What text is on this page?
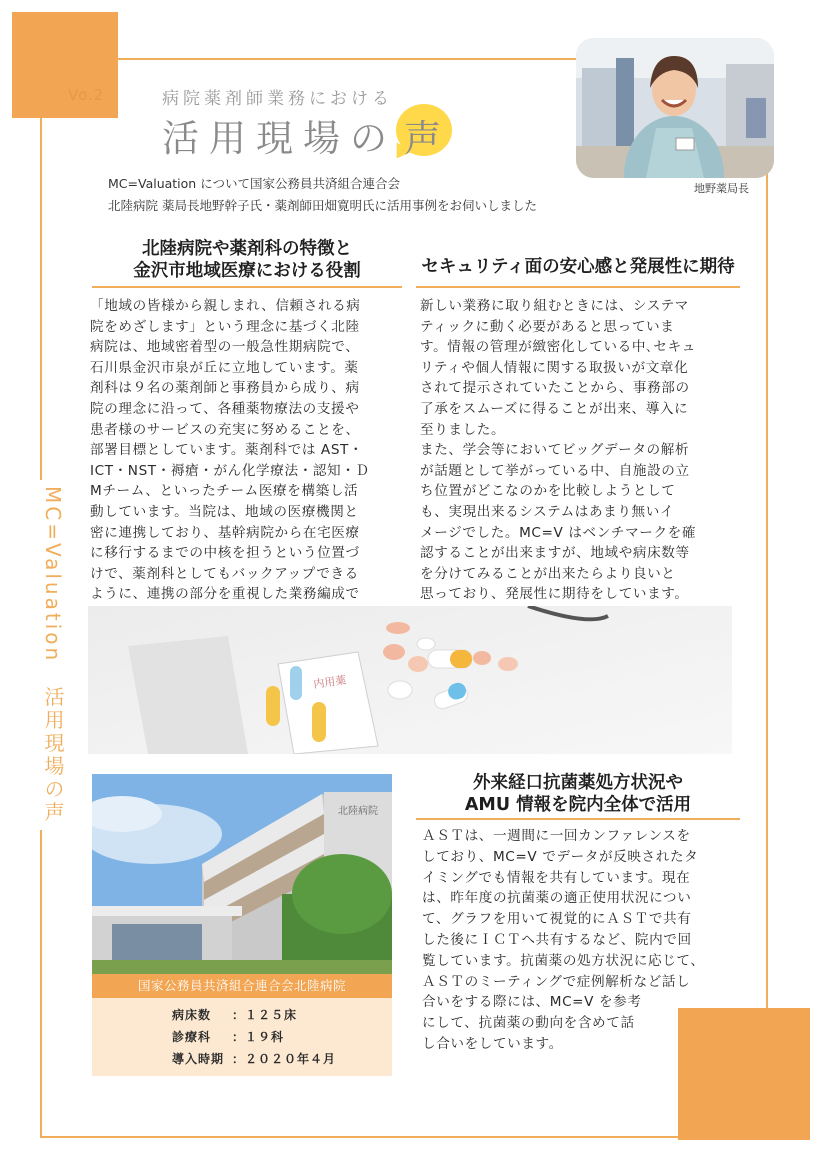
Vo.2	病院薬剤師業務における
活用現場の 声
MC=Valuation について国家公務員共済組合連合会
北陸病院 薬局長地野幹子氏・薬剤師田畑寛明氏に活用事例をお伺いしました
地野薬局長
北陸病院や薬剤科の特徴と
金沢市地域医療における役割
「地域の皆様から親しまれ、信頼される病
院をめざします」という理念に基づく北陸
病院は、地域密着型の一般急性期病院で、
石川県金沢市泉が丘に立地しています。薬
剤科は９名の薬剤師と事務員から成り、病
院の理念に沿って、各種薬物療法の支援や
患者様のサービスの充実に努めることを、
部署目標としています。薬剤科では AST・
ICT・NST・褥瘡・がん化学療法・認知・Ｄ
Mチーム、といったチーム医療を構築し活
動しています。当院は、地域の医療機関と
密に連携しており、基幹病院から在宅医療
に移行するまでの中核を担うという位置づ
けで、薬剤科としてもバックアップできる
ように、連携の部分を重視した業務編成で
セキュリティ面の安心感と発展性に期待
新しい業務に取り組むときには、システマ
ティックに動く必要があると思っていま
す。情報の管理が緻密化している中､セキュ
リティや個人情報に関する取扱いが文章化
されて提示されていたことから、事務部の
了承をスムーズに得ることが出来、導入に
至りました。
また、学会等においてビッグデータの解析
が話題として挙がっている中、自施設の立
ち位置がどこなのかを比較しようとして
も、実現出来るシステムはあまり無いイ
メージでした。MC=V はベンチマークを確
認することが出来ますが、地域や病床数等
を分けてみることが出来たらより良いと
思っており、発展性に期待をしています。
MC=Valuation　活用現場の声	内用薬
北陸病院
国家公務員共済組合連合会北陸病院
病床数 ：１２５床
診療科 ：１９科
導入時期 ：２０２０年４月
外来経口抗菌薬処方状況や
AMU 情報を院内全体で活用
ＡＳＴは、一週間に一回カンファレンスを
しており、MC=V でデータが反映されたタ
イミングでも情報を共有しています。現在
は、昨年度の抗菌薬の適正使用状況につい
て、グラフを用いて視覚的にＡＳＴで共有
した後にＩＣＴへ共有するなど、院内で回
覧しています。抗菌薬の処方状況に応じて、
ＡＳＴのミーティングで症例解析など話し
合いをする際には、MC=V を参考
にして、抗菌薬の動向を含めて話
し合いをしています。
